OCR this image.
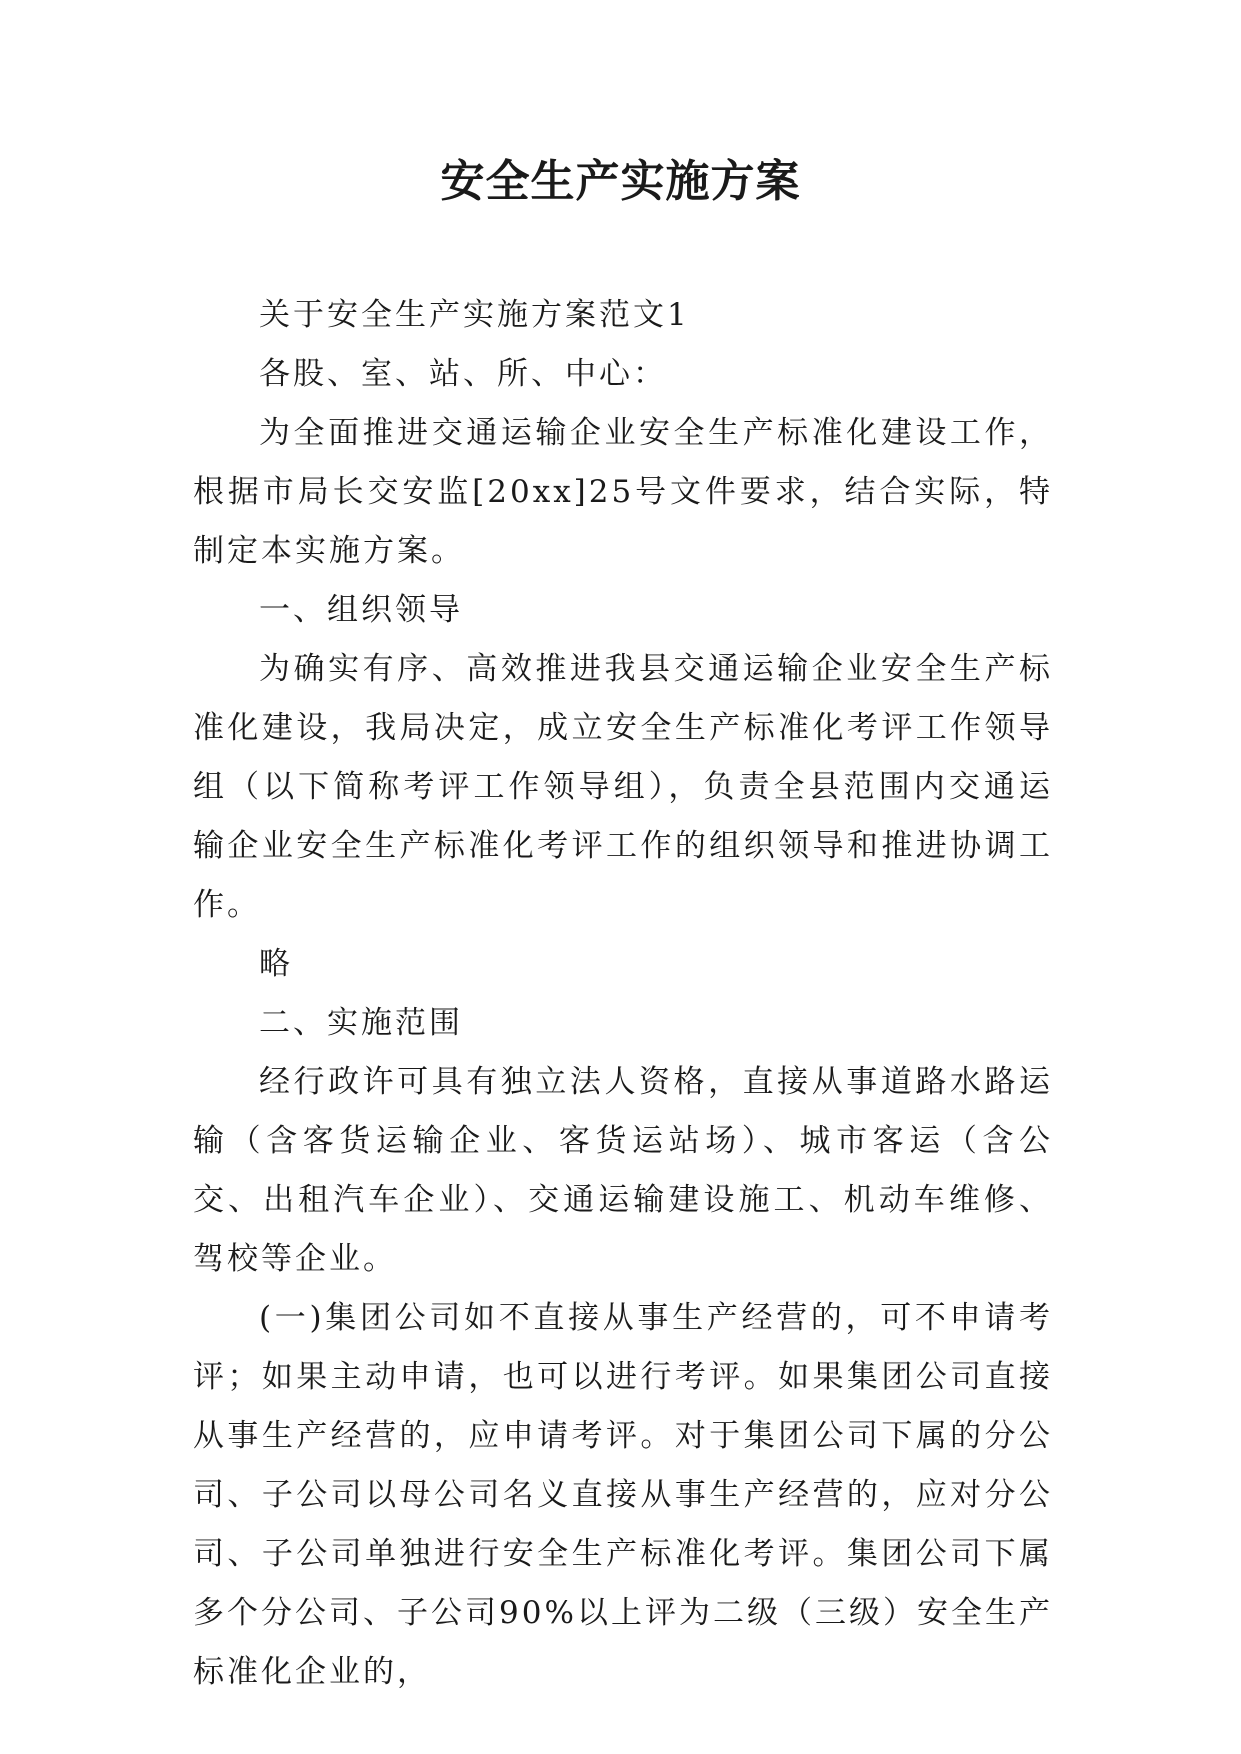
安全生产实施方案

关于安全生产实施方案范文1

各股、室、站、所、中心：

为全面推进交通运输企业安全生产标准化建设工作，根据市局长交安监[20xx]25号文件要求，结合实际，特制定本实施方案。

一、组织领导

为确实有序、高效推进我县交通运输企业安全生产标准化建设，我局决定，成立安全生产标准化考评工作领导组（以下简称考评工作领导组），负责全县范围内交通运输企业安全生产标准化考评工作的组织领导和推进协调工作。

略

二、实施范围

经行政许可具有独立法人资格，直接从事道路水路运输（含客货运输企业、客货运站场）、城市客运（含公交、出租汽车企业）、交通运输建设施工、机动车维修、驾校等企业。

(一)集团公司如不直接从事生产经营的，可不申请考评；如果主动申请，也可以进行考评。如果集团公司直接从事生产经营的，应申请考评。对于集团公司下属的分公司、子公司以母公司名义直接从事生产经营的，应对分公司、子公司单独进行安全生产标准化考评。集团公司下属多个分公司、子公司90%以上评为二级（三级）安全生产标准化企业的，
